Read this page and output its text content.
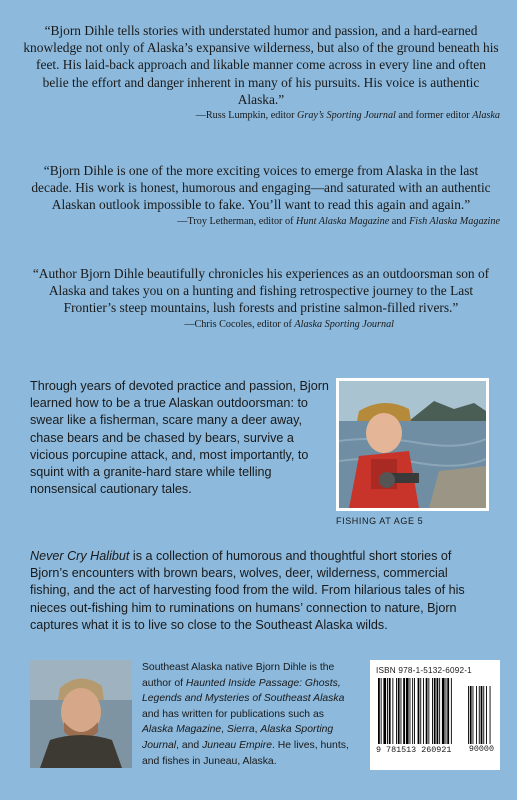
“Bjorn Dihle tells stories with understated humor and passion, and a hard-earned knowledge not only of Alaska’s expansive wilderness, but also of the ground beneath his feet. His laid-back approach and likable manner come across in every line and often belie the effort and danger inherent in many of his pursuits. His voice is authentic Alaska.”
—Russ Lumpkin, editor Gray’s Sporting Journal and former editor Alaska
“Bjorn Dihle is one of the more exciting voices to emerge from Alaska in the last decade. His work is honest, humorous and engaging—and saturated with an authentic Alaskan outlook impossible to fake. You’ll want to read this again and again.”
—Troy Letherman, editor of Hunt Alaska Magazine and Fish Alaska Magazine
“Author Bjorn Dihle beautifully chronicles his experiences as an outdoorsman son of Alaska and takes you on a hunting and fishing retrospective journey to the Last Frontier’s steep mountains, lush forests and pristine salmon-filled rivers.”
—Chris Cocoles, editor of Alaska Sporting Journal
Through years of devoted practice and passion, Bjorn learned how to be a true Alaskan outdoorsman: to swear like a fisherman, scare many a deer away, chase bears and be chased by bears, survive a vicious porcupine attack, and, most importantly, to squint with a granite-hard stare while telling nonsensical cautionary tales.
FISHING AT AGE 5
Never Cry Halibut is a collection of humorous and thoughtful short stories of Bjorn’s encounters with brown bears, wolves, deer, wilderness, commercial fishing, and the act of harvesting food from the wild. From hilarious tales of his nieces out-fishing him to ruminations on humans’ connection to nature, Bjorn captures what it is to live so close to the Southeast Alaska wilds.
Southeast Alaska native Bjorn Dihle is the author of Haunted Inside Passage: Ghosts, Legends and Mysteries of Southeast Alaska and has written for publications such as Alaska Magazine, Sierra, Alaska Sporting Journal, and Juneau Empire. He lives, hunts, and fishes in Juneau, Alaska.
ISBN 978-1-5132-6092-1
9 781513 260921 90000
